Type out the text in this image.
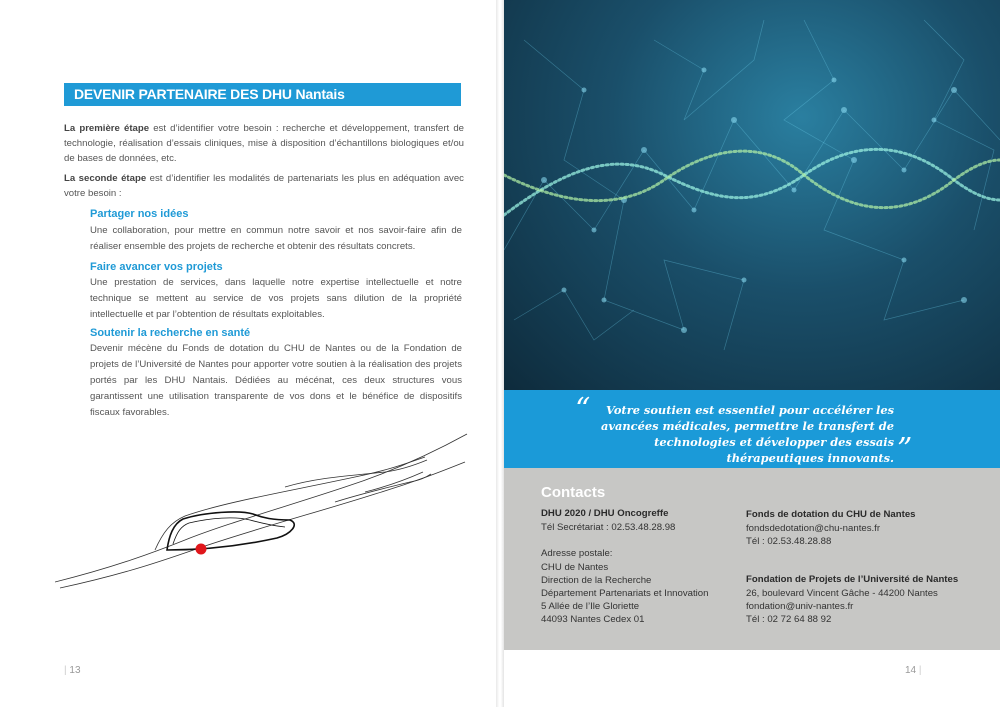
DEVENIR PARTENAIRE DES DHU Nantais
La première étape est d’identifier votre besoin : recherche et développement, transfert de technologie, réalisation d’essais cliniques, mise à disposition d’échantillons biologiques et/ou de bases de données, etc.
La seconde étape est d’identifier les modalités de partenariats les plus en adéquation avec votre besoin :
Partager nos idées
Une collaboration, pour mettre en commun notre savoir et nos savoir-faire afin de réaliser ensemble des projets de recherche et obtenir des résultats concrets.
Faire avancer vos projets
Une prestation de services, dans laquelle notre expertise intellectuelle et notre technique se mettent au service de vos projets sans dilution de la propriété intellectuelle et par l’obtention de résultats exploitables.
Soutenir la recherche en santé
Devenir mécène du Fonds de dotation du CHU de Nantes ou de la Fondation de projets de l’Université de Nantes pour apporter votre soutien à la réalisation des projets portés par les DHU Nantais. Dédiées au mécénat, ces deux structures vous garantissent une utilisation transparente de vos dons et le bénéfice de dispositifs fiscaux favorables.
| 13
“	Votre soutien est essentiel pour accélérer les avancées médicales, permettre le transfert de technologies et développer des essais thérapeutiques innovants. ”
Contacts
DHU 2020 / DHU Oncogreffe
Tél Secrétariat : 02.53.48.28.98
Adresse postale:
CHU de Nantes
Direction de la Recherche
Département Partenariats et Innovation
5 Allée de l’Ile Gloriette
44093 Nantes Cedex 01
Fonds de dotation du CHU de Nantes
fondsdedotation@chu-nantes.fr
Tél : 02.53.48.28.88
Fondation de Projets de l’Université de Nantes
26, boulevard Vincent Gâche - 44200 Nantes
fondation@univ-nantes.fr
Tél : 02 72 64 88 92
14 |
